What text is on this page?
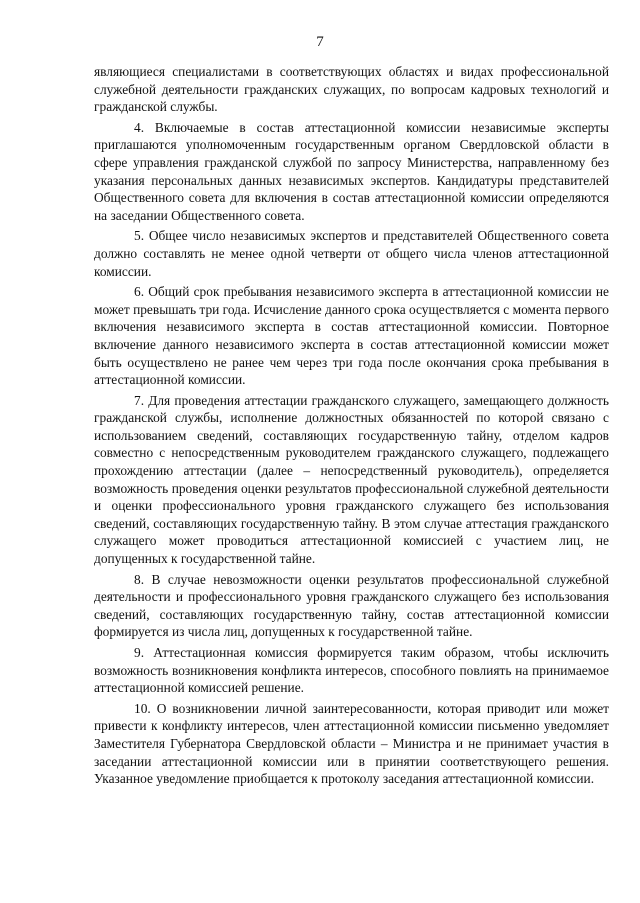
7

являющиеся специалистами в соответствующих областях и видах профессиональной служебной деятельности гражданских служащих, по вопросам кадровых технологий и гражданской службы.

4. Включаемые в состав аттестационной комиссии независимые эксперты приглашаются уполномоченным государственным органом Свердловской области в сфере управления гражданской службой по запросу Министерства, направленному без указания персональных данных независимых экспертов. Кандидатуры представителей Общественного совета для включения в состав аттестационной комиссии определяются на заседании Общественного совета.

5. Общее число независимых экспертов и представителей Общественного совета должно составлять не менее одной четверти от общего числа членов аттестационной комиссии.

6. Общий срок пребывания независимого эксперта в аттестационной комиссии не может превышать три года. Исчисление данного срока осуществляется с момента первого включения независимого эксперта в состав аттестационной комиссии. Повторное включение данного независимого эксперта в состав аттестационной комиссии может быть осуществлено не ранее чем через три года после окончания срока пребывания в аттестационной комиссии.

7. Для проведения аттестации гражданского служащего, замещающего должность гражданской службы, исполнение должностных обязанностей по которой связано с использованием сведений, составляющих государственную тайну, отделом кадров совместно с непосредственным руководителем гражданского служащего, подлежащего прохождению аттестации (далее – непосредственный руководитель), определяется возможность проведения оценки результатов профессиональной служебной деятельности и оценки профессионального уровня гражданского служащего без использования сведений, составляющих государственную тайну. В этом случае аттестация гражданского служащего может проводиться аттестационной комиссией с участием лиц, не допущенных к государственной тайне.

8. В случае невозможности оценки результатов профессиональной служебной деятельности и профессионального уровня гражданского служащего без использования сведений, составляющих государственную тайну, состав аттестационной комиссии формируется из числа лиц, допущенных к государственной тайне.

9. Аттестационная комиссия формируется таким образом, чтобы исключить возможность возникновения конфликта интересов, способного повлиять на принимаемое аттестационной комиссией решение.

10. О возникновении личной заинтересованности, которая приводит или может привести к конфликту интересов, член аттестационной комиссии письменно уведомляет Заместителя Губернатора Свердловской области – Министра и не принимает участия в заседании аттестационной комиссии или в принятии соответствующего решения. Указанное уведомление приобщается к протоколу заседания аттестационной комиссии.
